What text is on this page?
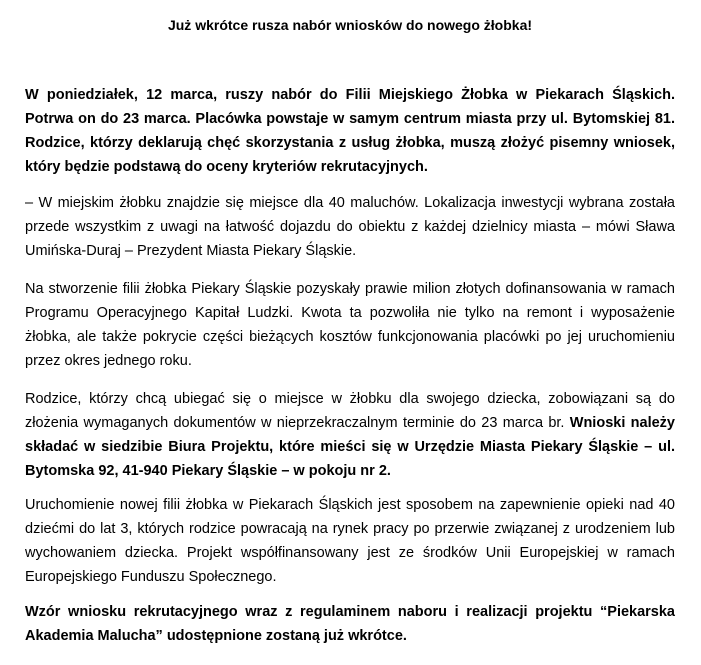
Już wkrótce rusza nabór wniosków do nowego żłobka!

W poniedziałek, 12 marca, ruszy nabór do Filii Miejskiego Żłobka w Piekarach Śląskich. Potrwa on do 23 marca. Placówka powstaje w samym centrum miasta przy ul. Bytomskiej 81. Rodzice, którzy deklarują chęć skorzystania z usług żłobka, muszą złożyć pisemny wniosek, który będzie podstawą do oceny kryteriów rekrutacyjnych.

– W miejskim żłobku znajdzie się miejsce dla 40 maluchów. Lokalizacja inwestycji wybrana została przede wszystkim z uwagi na łatwość dojazdu do obiektu z każdej dzielnicy miasta – mówi Sława Umińska-Duraj – Prezydent Miasta Piekary Śląskie.

Na stworzenie filii żłobka Piekary Śląskie pozyskały prawie milion złotych dofinansowania w ramach Programu Operacyjnego Kapitał Ludzki. Kwota ta pozwoliła nie tylko na remont i wyposażenie żłobka, ale także pokrycie części bieżących kosztów funkcjonowania placówki po jej uruchomieniu przez okres jednego roku.

Rodzice, którzy chcą ubiegać się o miejsce w żłobku dla swojego dziecka, zobowiązani są do złożenia wymaganych dokumentów w nieprzekraczalnym terminie do 23 marca br. Wnioski należy składać w siedzibie Biura Projektu, które mieści się w Urzędzie Miasta Piekary Śląskie – ul. Bytomska 92, 41-940 Piekary Śląskie – w pokoju nr 2.

Uruchomienie nowej filii żłobka w Piekarach Śląskich jest sposobem na zapewnienie opieki nad 40 dziećmi do lat 3, których rodzice powracają na rynek pracy po przerwie związanej z urodzeniem lub wychowaniem dziecka. Projekt współfinansowany jest ze środków Unii Europejskiej w ramach Europejskiego Funduszu Społecznego.

Wzór wniosku rekrutacyjnego wraz z regulaminem naboru i realizacji projektu “Piekarska Akademia Malucha” udostępnione zostaną już wkrótce.
